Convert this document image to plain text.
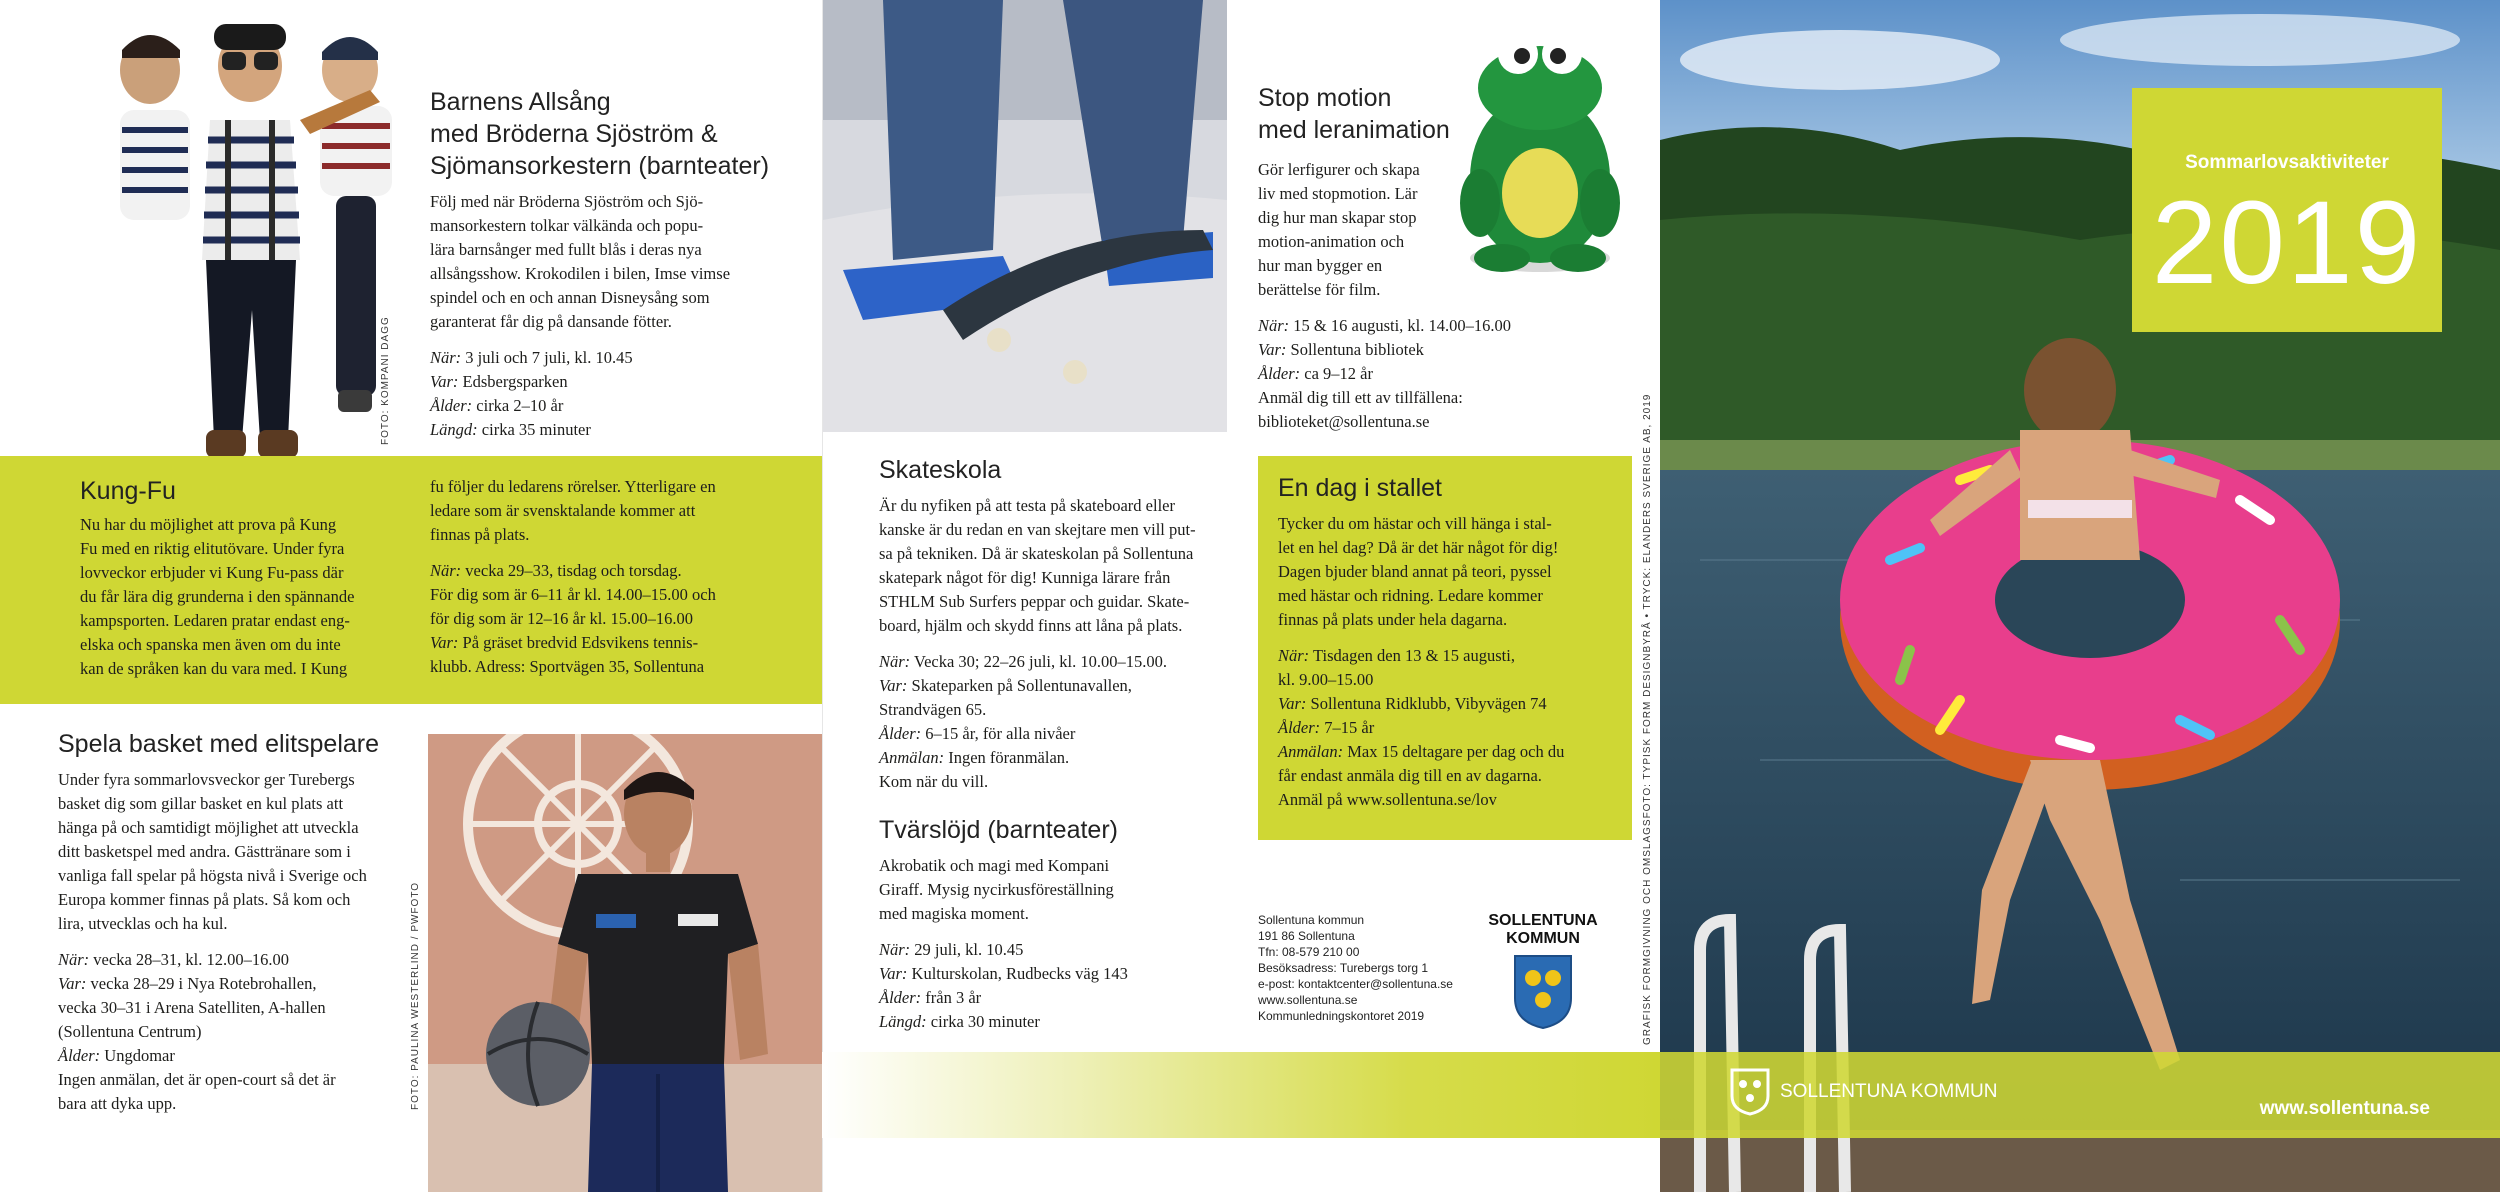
FOTO: KOMPANI DAGG
Barnens Allsång
med Bröderna Sjöström &
Sjömansorkestern (barnteater)
Följ med när Bröderna Sjöström och Sjö-
mansorkestern tolkar välkända och popu-
lära barnsånger med fullt blås i deras nya
allsångsshow. Krokodilen i bilen, Imse vimse
spindel och en och annan Disneysång som
garanterat får dig på dansande fötter.
När: 3 juli och 7 juli, kl. 10.45
Var: Edsbergsparken
Ålder: cirka 2–10 år
Längd: cirka 35 minuter
Kung-Fu
Nu har du möjlighet att prova på Kung
Fu med en riktig elitutövare. Under fyra
lovveckor erbjuder vi Kung Fu-pass där
du får lära dig grunderna i den spännande
kampsporten. Ledaren pratar endast eng-
elska och spanska men även om du inte
kan de språken kan du vara med. I Kung
fu följer du ledarens rörelser. Ytterligare en
ledare som är svensktalande kommer att
finnas på plats.
När: vecka 29–33, tisdag och torsdag.
För dig som är 6–11 år kl. 14.00–15.00 och
för dig som är 12–16 år kl. 15.00–16.00
Var: På gräset bredvid Edsvikens tennis-
klubb. Adress: Sportvägen 35, Sollentuna
Spela basket med elitspelare
Under fyra sommarlovsveckor ger Turebergs
basket dig som gillar basket en kul plats att
hänga på och samtidigt möjlighet att utveckla
ditt basketspel med andra. Gästtränare som i
vanliga fall spelar på högsta nivå i Sverige och
Europa kommer finnas på plats. Så kom och
lira, utvecklas och ha kul.
När: vecka 28–31, kl. 12.00–16.00
Var: vecka 28–29 i Nya Rotebrohallen,
vecka 30–31 i Arena Satelliten, A-hallen
(Sollentuna Centrum)
Ålder: Ungdomar
Ingen anmälan, det är open-court så det är
bara att dyka upp.	FOTO: PAULINA WESTERLIND / PWFOTO
Skateskola
Är du nyfiken på att testa på skateboard eller
kanske är du redan en van skejtare men vill put-
sa på tekniken. Då är skateskolan på Sollentuna
skatepark något för dig! Kunniga lärare från
STHLM Sub Surfers peppar och guidar. Skate-
board, hjälm och skydd finns att låna på plats.
När: Vecka 30; 22–26 juli, kl. 10.00–15.00.
Var: Skateparken på Sollentunavallen,
Strandvägen 65.
Ålder: 6–15 år, för alla nivåer
Anmälan: Ingen föranmälan.
Kom när du vill.
Tvärslöjd (barnteater)
Akrobatik och magi med Kompani
Giraff. Mysig nycirkusföreställning
med magiska moment.
När: 29 juli, kl. 10.45
Var: Kulturskolan, Rudbecks väg 143
Ålder: från 3 år
Längd: cirka 30 minuter
Stop motion
med leranimation
Gör lerfigurer och skapa
liv med stopmotion. Lär
dig hur man skapar stop
motion-animation och
hur man bygger en
berättelse för film.
När: 15 & 16 augusti, kl. 14.00–16.00
Var: Sollentuna bibliotek
Ålder: ca 9–12 år
Anmäl dig till ett av tillfällena:
biblioteket@sollentuna.se
En dag i stallet
Tycker du om hästar och vill hänga i stal-
let en hel dag? Då är det här något för dig!
Dagen bjuder bland annat på teori, pyssel
med hästar och ridning. Ledare kommer
finnas på plats under hela dagarna.
När: Tisdagen den 13 & 15 augusti,
kl. 9.00–15.00
Var: Sollentuna Ridklubb, Vibyvägen 74
Ålder: 7–15 år
Anmälan: Max 15 deltagare per dag och du
får endast anmäla dig till en av dagarna.
Anmäl på www.sollentuna.se/lov
Sollentuna kommun
191 86 Sollentuna
Tfn: 08-579 210 00
Besöksadress: Turebergs torg 1
e-post: kontaktcenter@sollentuna.se
www.sollentuna.se
Kommunledningskontoret 2019
SOLLENTUNA
KOMMUN	GRAFISK FORMGIVNING OCH OMSLAGSFOTO: TYPISK FORM DESIGNBYRÅ • TRYCK: ELANDERS SVERIGE AB, 2019
Sommarlovsaktiviteter
2019
SOLLENTUNA KOMMUN
www.sollentuna.se
